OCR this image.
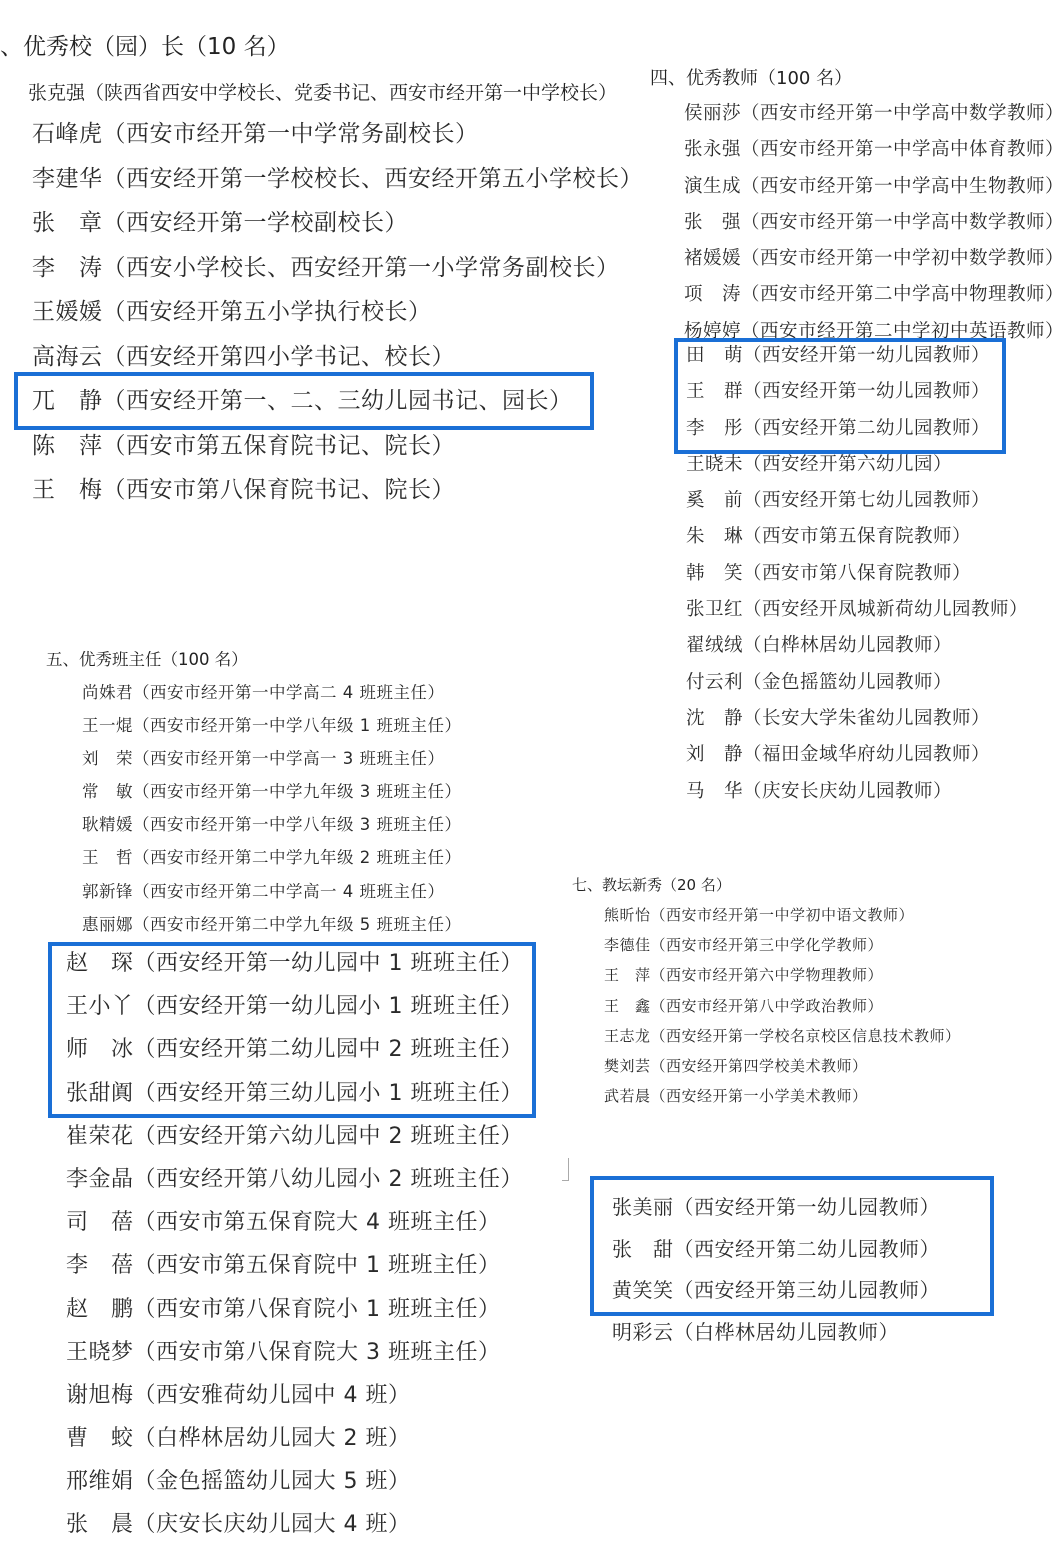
、优秀校（园）长（10 名）
张克强（陕西省西安中学校长、党委书记、西安市经开第一中学校长）
石峰虎（西安市经开第一中学常务副校长）
李建华（西安经开第一学校校长、西安经开第五小学校长）
张　章（西安经开第一学校副校长）
李　涛（西安小学校长、西安经开第一小学常务副校长）
王媛媛（西安经开第五小学执行校长）
高海云（西安经开第四小学书记、校长）
兀　静（西安经开第一、二、三幼儿园书记、园长）
陈　萍（西安市第五保育院书记、院长）
王　梅（西安市第八保育院书记、院长）
四、优秀教师（100 名）
侯丽莎（西安市经开第一中学高中数学教师）
张永强（西安市经开第一中学高中体育教师）
演生成（西安市经开第一中学高中生物教师）
张　强（西安市经开第一中学高中数学教师）
褚媛媛（西安市经开第一中学初中数学教师）
项　涛（西安市经开第二中学高中物理教师）
杨婷婷（西安市经开第二中学初中英语教师）
田　萌（西安经开第一幼儿园教师）
王　群（西安经开第一幼儿园教师）
李　彤（西安经开第二幼儿园教师）
王晓未（西安经开第六幼儿园）
奚　前（西安经开第七幼儿园教师）
朱　琳（西安市第五保育院教师）
韩　笑（西安市第八保育院教师）
张卫红（西安经开凤城新荷幼儿园教师）
翟绒绒（白桦林居幼儿园教师）
付云利（金色摇篮幼儿园教师）
沈　静（长安大学朱雀幼儿园教师）
刘　静（福田金域华府幼儿园教师）
马　华（庆安长庆幼儿园教师）
五、优秀班主任（100 名）
尚姝君（西安市经开第一中学高二 4 班班主任）
王一焜（西安市经开第一中学八年级 1 班班主任）
刘　荣（西安市经开第一中学高一 3 班班主任）
常　敏（西安市经开第一中学九年级 3 班班主任）
耿精媛（西安市经开第一中学八年级 3 班班主任）
王　哲（西安市经开第二中学九年级 2 班班主任）
郭新锋（西安市经开第二中学高一 4 班班主任）
惠丽娜（西安市经开第二中学九年级 5 班班主任）
赵　琛（西安经开第一幼儿园中 1 班班主任）
王小丫（西安经开第一幼儿园小 1 班班主任）
师　冰（西安经开第二幼儿园中 2 班班主任）
张甜阗（西安经开第三幼儿园小 1 班班主任）
崔荣花（西安经开第六幼儿园中 2 班班主任）
李金晶（西安经开第八幼儿园小 2 班班主任）
司　蓓（西安市第五保育院大 4 班班主任）
李　蓓（西安市第五保育院中 1 班班主任）
赵　鹏（西安市第八保育院小 1 班班主任）
王晓梦（西安市第八保育院大 3 班班主任）
谢旭梅（西安雅荷幼儿园中 4 班）
曹　蛟（白桦林居幼儿园大 2 班）
邢维娟（金色摇篮幼儿园大 5 班）
张　晨（庆安长庆幼儿园大 4 班）
七、教坛新秀（20 名）
熊昕怡（西安市经开第一中学初中语文教师）
李德佳（西安市经开第三中学化学教师）
王　萍（西安市经开第六中学物理教师）
王　鑫（西安市经开第八中学政治教师）
王志龙（西安经开第一学校名京校区信息技术教师）
樊刘芸（西安经开第四学校美术教师）
武若晨（西安经开第一小学美术教师）
张美丽（西安经开第一幼儿园教师）
张　甜（西安经开第二幼儿园教师）
黄笑笑（西安经开第三幼儿园教师）
明彩云（白桦林居幼儿园教师）
